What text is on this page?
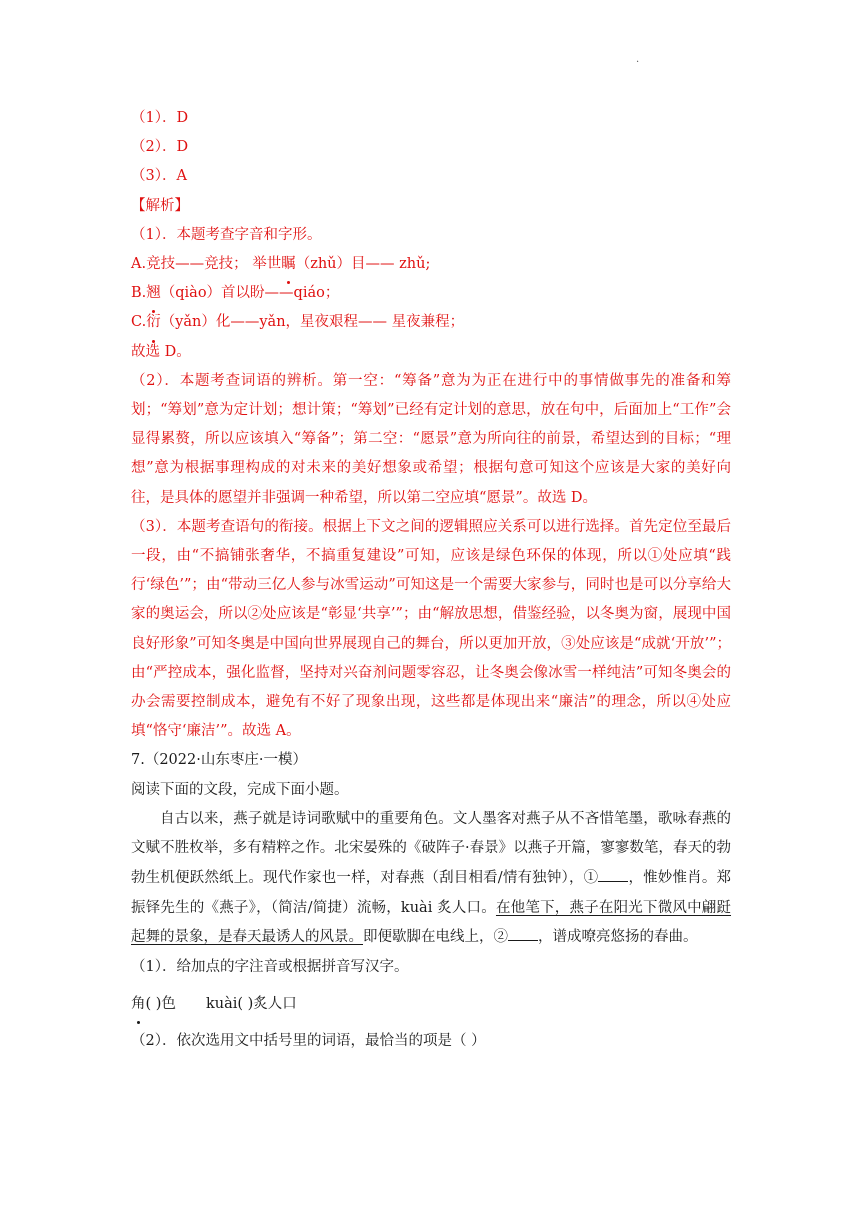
.
（1）．D
（2）．D
（3）．A
【解析】
（1）．本题考查字音和字形。
A.竞技——竞技； 举世瞩（zhǔ）目—— zhǔ;
B.翘（qiào）首以盼——qiáo；
C.衍（yǎn）化——yǎn，星夜艰程—— 星夜兼程；
故选 D。
（2）．本题考查词语的辨析。第一空：“筹备”意为为正在进行中的事情做事先的准备和筹划；“筹划”意为定计划；想计策；“筹划”已经有定计划的意思，放在句中，后面加上“工作”会显得累赘，所以应该填入“筹备”；第二空：“愿景”意为所向往的前景，希望达到的目标；“理想”意为根据事理构成的对未来的美好想象或希望；根据句意可知这个应该是大家的美好向往，是具体的愿望并非强调一种希望，所以第二空应填“愿景”。故选 D。
（3）．本题考查语句的衔接。根据上下文之间的逻辑照应关系可以进行选择。首先定位至最后一段，由“不搞铺张奢华，不搞重复建设”可知，应该是绿色环保的体现，所以①处应填“践行‘绿色’”；由“带动三亿人参与冰雪运动”可知这是一个需要大家参与，同时也是可以分享给大家的奥运会，所以②处应该是“彰显‘共享’”；由“解放思想，借鉴经验，以冬奥为窗，展现中国良好形象”可知冬奥是中国向世界展现自己的舞台，所以更加开放，③处应该是“成就‘开放’”；由“严控成本，强化监督，坚持对兴奋剂问题零容忍，让冬奥会像冰雪一样纯洁”可知冬奥会的办会需要控制成本，避免有不好了现象出现，这些都是体现出来“廉洁”的理念，所以④处应填“恪守‘廉洁’”。故选 A。
7.（2022·山东枣庄·一模）
阅读下面的文段，完成下面小题。
自古以来，燕子就是诗词歌赋中的重要角色。文人墨客对燕子从不吝惜笔墨，歌咏春燕的文赋不胜枚举，多有精粹之作。北宋晏殊的《破阵子·春景》以燕子开篇，寥寥数笔，春天的勃勃生机便跃然纸上。现代作家也一样，对春燕（刮目相看/情有独钟），① ，惟妙惟肖。郑振铎先生的《燕子》，（简洁/简捷）流畅，kuài 炙人口。在他笔下，燕子在阳光下微风中翩跹起舞的景象，是春天最诱人的风景。即便歇脚在电线上，② ，谱成嘹亮悠扬的春曲。
（1）．给加点的字注音或根据拼音写汉字。
角( )色 kuài( )炙人口
（2）．依次选用文中括号里的词语，最恰当的项是（ ）
